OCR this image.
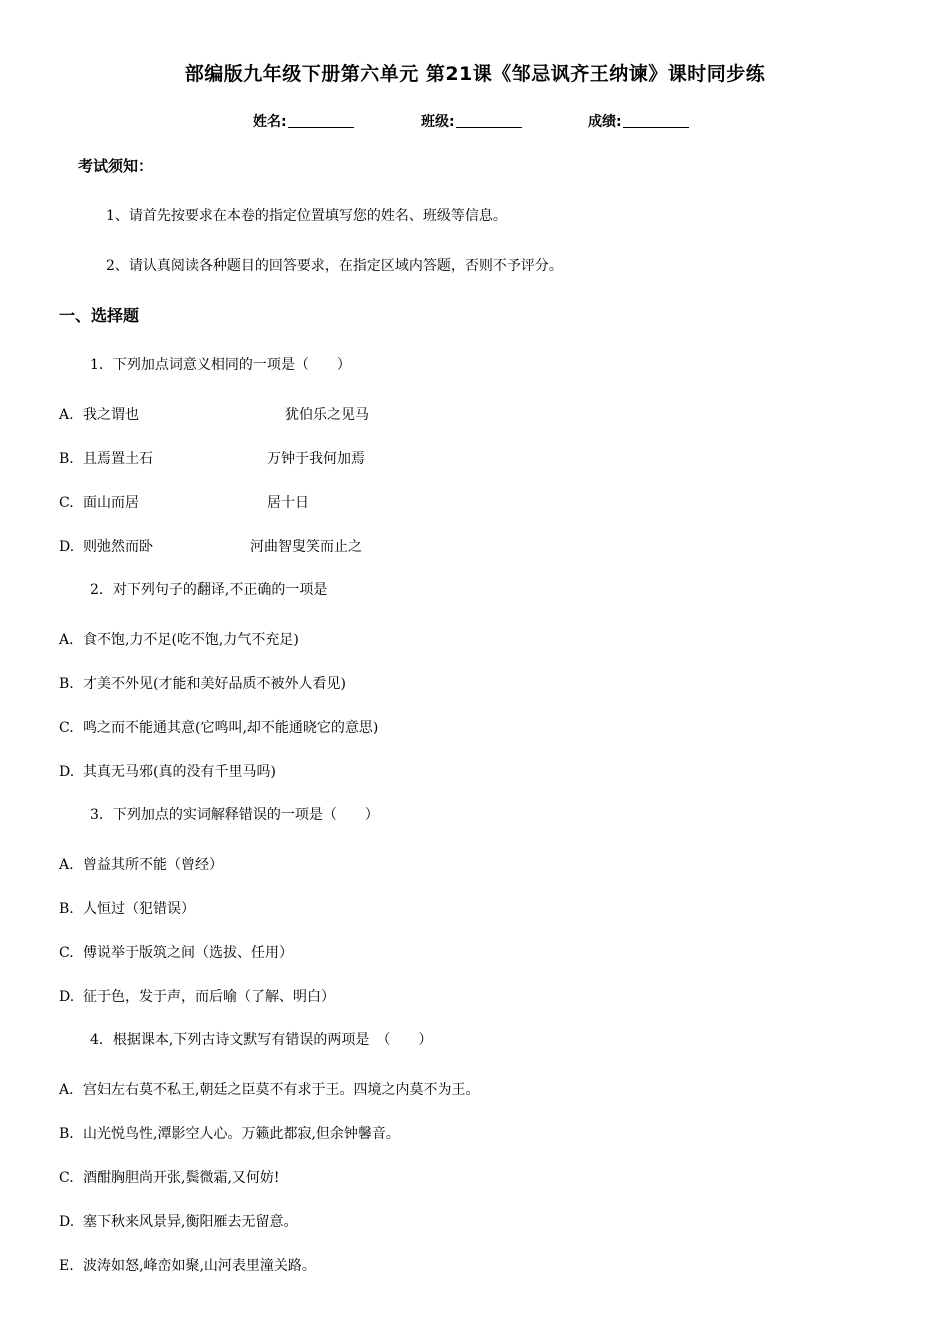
部编版九年级下册第六单元 第21课《邹忌讽齐王纳谏》课时同步练
姓名:	班级:	成绩:
考试须知：
1、请首先按要求在本卷的指定位置填写您的姓名、班级等信息。
2、请认真阅读各种题目的回答要求，在指定区域内答题，否则不予评分。
一、选择题
1．下列加点词意义相同的一项是（　　）
A. 我之谓也	犹伯乐之见马
B. 且焉置土石	万钟于我何加焉
C. 面山而居	居十日
D. 则弛然而卧	河曲智叟笑而止之
2．对下列句子的翻译,不正确的一项是
A. 食不饱,力不足(吃不饱,力气不充足)
B. 才美不外见(才能和美好品质不被外人看见)
C. 鸣之而不能通其意(它鸣叫,却不能通晓它的意思)
D. 其真无马邪(真的没有千里马吗)
3．下列加点的实词解释错误的一项是（　　）
A. 曾益其所不能（曾经）
B. 人恒过（犯错误）
C. 傅说举于版筑之间（选拔、任用）
D. 征于色，发于声，而后喻（了解、明白）
4．根据课本,下列古诗文默写有错误的两项是　（　　）
A. 宫妇左右莫不私王,朝廷之臣莫不有求于王。四境之内莫不为王。
B. 山光悦鸟性,潭影空人心。万籁此都寂,但余钟馨音。
C. 酒酣胸胆尚开张,鬓微霜,又何妨!
D. 塞下秋来风景异,衡阳雁去无留意。
E. 波涛如怒,峰峦如聚,山河表里潼关路。
